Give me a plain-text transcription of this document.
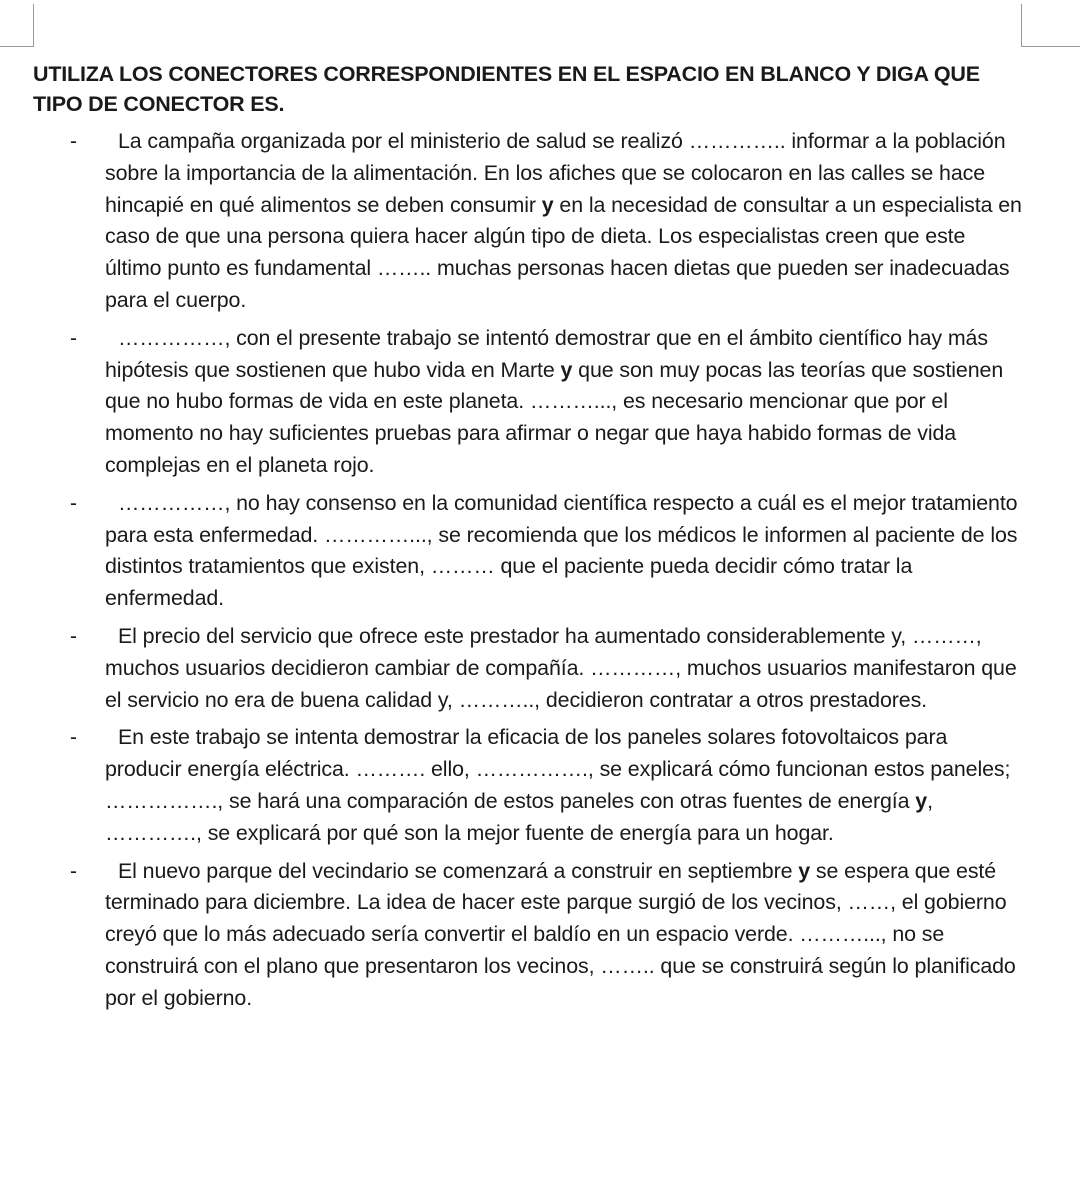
UTILIZA LOS CONECTORES CORRESPONDIENTES EN EL ESPACIO EN BLANCO Y DIGA QUE TIPO DE CONECTOR ES.
-	La campaña organizada por el ministerio de salud se realizó ………….. informar a la población sobre la importancia de la alimentación. En los afiches que se colocaron en las calles se hace hincapié en qué alimentos se deben consumir y en la necesidad de consultar a un especialista en caso de que una persona quiera hacer algún tipo de dieta. Los especialistas creen que este último punto es fundamental …….. muchas personas hacen dietas que pueden ser inadecuadas para el cuerpo.

-	……………, con el presente trabajo se intentó demostrar que en el ámbito científico hay más hipótesis que sostienen que hubo vida en Marte y que son muy pocas las teorías que sostienen que no hubo formas de vida en este planeta. ………..., es necesario mencionar que por el momento no hay suficientes pruebas para afirmar o negar que haya habido formas de vida complejas en el planeta rojo.

-	……………, no hay consenso en la comunidad científica respecto a cuál es el mejor tratamiento para esta enfermedad. …………..., se recomienda que los médicos le informen al paciente de los distintos tratamientos que existen, ……… que el paciente pueda decidir cómo tratar la enfermedad.

-	El precio del servicio que ofrece este prestador ha aumentado considerablemente y, ………, muchos usuarios decidieron cambiar de compañía. …………, muchos usuarios manifestaron que el servicio no era de buena calidad y, ……….., decidieron contratar a otros prestadores.

-	En este trabajo se intenta demostrar la eficacia de los paneles solares fotovoltaicos para producir energía eléctrica. ………. ello, ……………., se explicará cómo funcionan estos paneles; ……………., se hará una comparación de estos paneles con otras fuentes de energía y, …………., se explicará por qué son la mejor fuente de energía para un hogar.

-	El nuevo parque del vecindario se comenzará a construir en septiembre y se espera que esté terminado para diciembre. La idea de hacer este parque surgió de los vecinos, ……, el gobierno creyó que lo más adecuado sería convertir el baldío en un espacio verde. ………..., no se construirá con el plano que presentaron los vecinos, …….. que se construirá según lo planificado por el gobierno.
